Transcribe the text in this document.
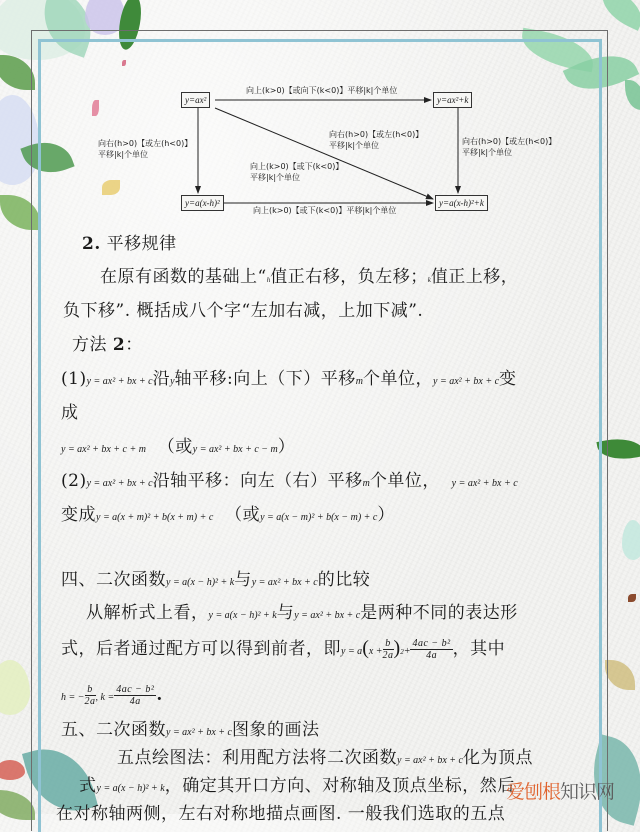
y=ax²	y=ax²+k
y=a(x-h)²	y=a(x-h)²+k
向上(k>0)【或向下(k<0)】平移|k|个单位
向右(h>0)【或左(h<0)】
平移|k|个单位
向右(h>0)【或左(h<0)】
平移|k|个单位
向右(h>0)【或左(h<0)】
平移|k|个单位
向上(k>0)【或下(k<0)】
平移|k|个单位
向上(k>0)【或下(k<0)】平移|k|个单位
2. 平移规律
在原有函数的基础上“h值正右移，负左移；k值正上移，
负下移”. 概括成八个字“左加右减，上加下减”.
方法 2：
(1)y = ax² + bx + c沿y轴平移:向上（下）平移m个单位，y = ax² + bx + c变
成
y = ax² + bx + c + m （或y = ax² + bx + c − m）
(2)y = ax² + bx + c沿轴平移：向左（右）平移m个单位， y = ax² + bx + c
变成y = a(x + m)² + b(x + m) + c （或y = a(x − m)² + b(x − m) + c）
四、二次函数y = a(x − h)² + k与y = ax² + bx + c的比较
从解析式上看，y = a(x − h)² + k与y = ax² + bx + c是两种不同的表达形
式，后者通过配方可以得到前者，即$y = a(x + \frac{b}{2a} )2+ \frac{\text{4ac − b²}}{4a}$ ，其中
h = − $\frac{b}{2a}$ , $k = \frac{\text{4ac − b²}}{4a}$ .
五、二次函数y = ax² + bx + c图象的画法
五点绘图法：利用配方法将二次函数y = ax² + bx + c化为顶点
式y = a(x − h)² + k，确定其开口方向、对称轴及顶点坐标，然后
在对称轴两侧，左右对称地描点画图. 一般我们选取的五点
爱刨根知识网
